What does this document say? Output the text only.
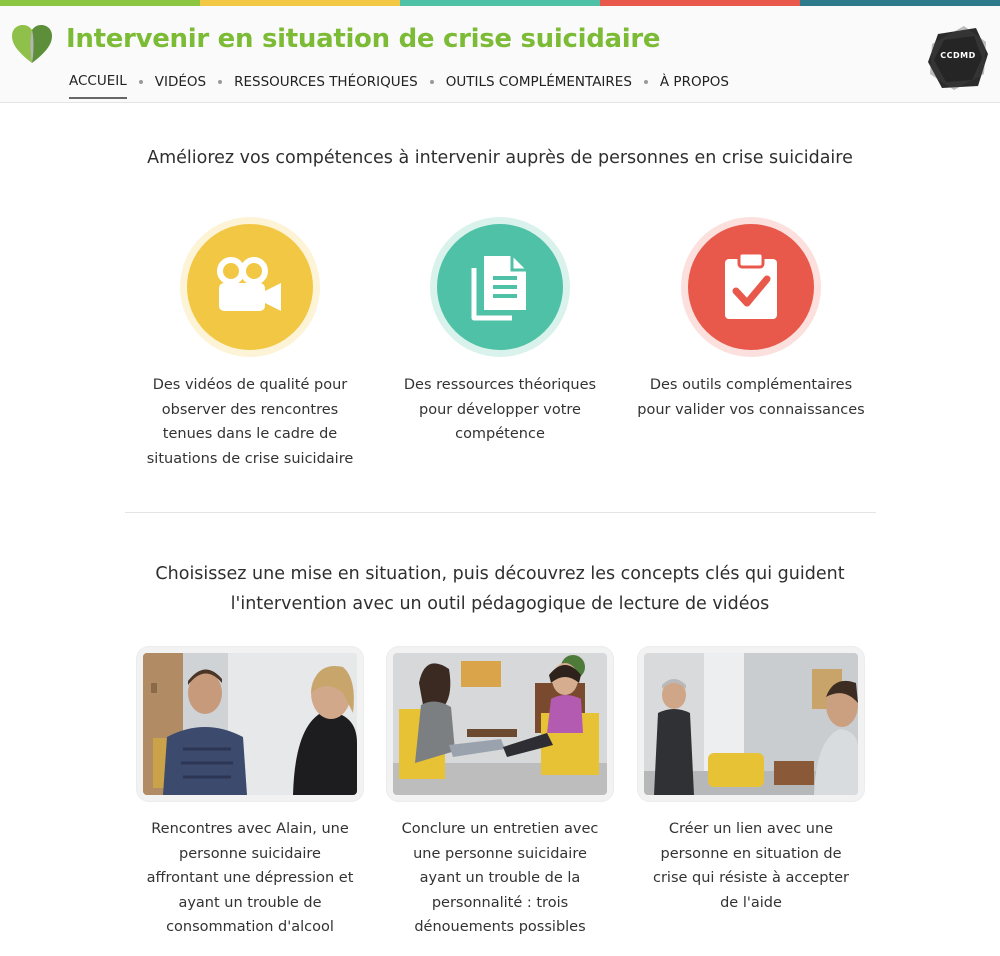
Intervenir en situation de crise suicidaire
ACCUEIL VIDÉOS RESSOURCES THÉORIQUES OUTILS COMPLÉMENTAIRES À PROPOS
CCDMD
Améliorez vos compétences à intervenir auprès de personnes en crise suicidaire
Des vidéos de qualité pour
observer des rencontres
tenues dans le cadre de
situations de crise suicidaire
Des ressources théoriques
pour développer votre
compétence
Des outils complémentaires
pour valider vos connaissances
Choisissez une mise en situation, puis découvrez les concepts clés qui guident
l'intervention avec un outil pédagogique de lecture de vidéos
Rencontres avec Alain, une
personne suicidaire
affrontant une dépression et
ayant un trouble de
consommation d'alcool
Conclure un entretien avec
une personne suicidaire
ayant un trouble de la
personnalité : trois
dénouements possibles
Créer un lien avec une
personne en situation de
crise qui résiste à accepter
de l'aide
